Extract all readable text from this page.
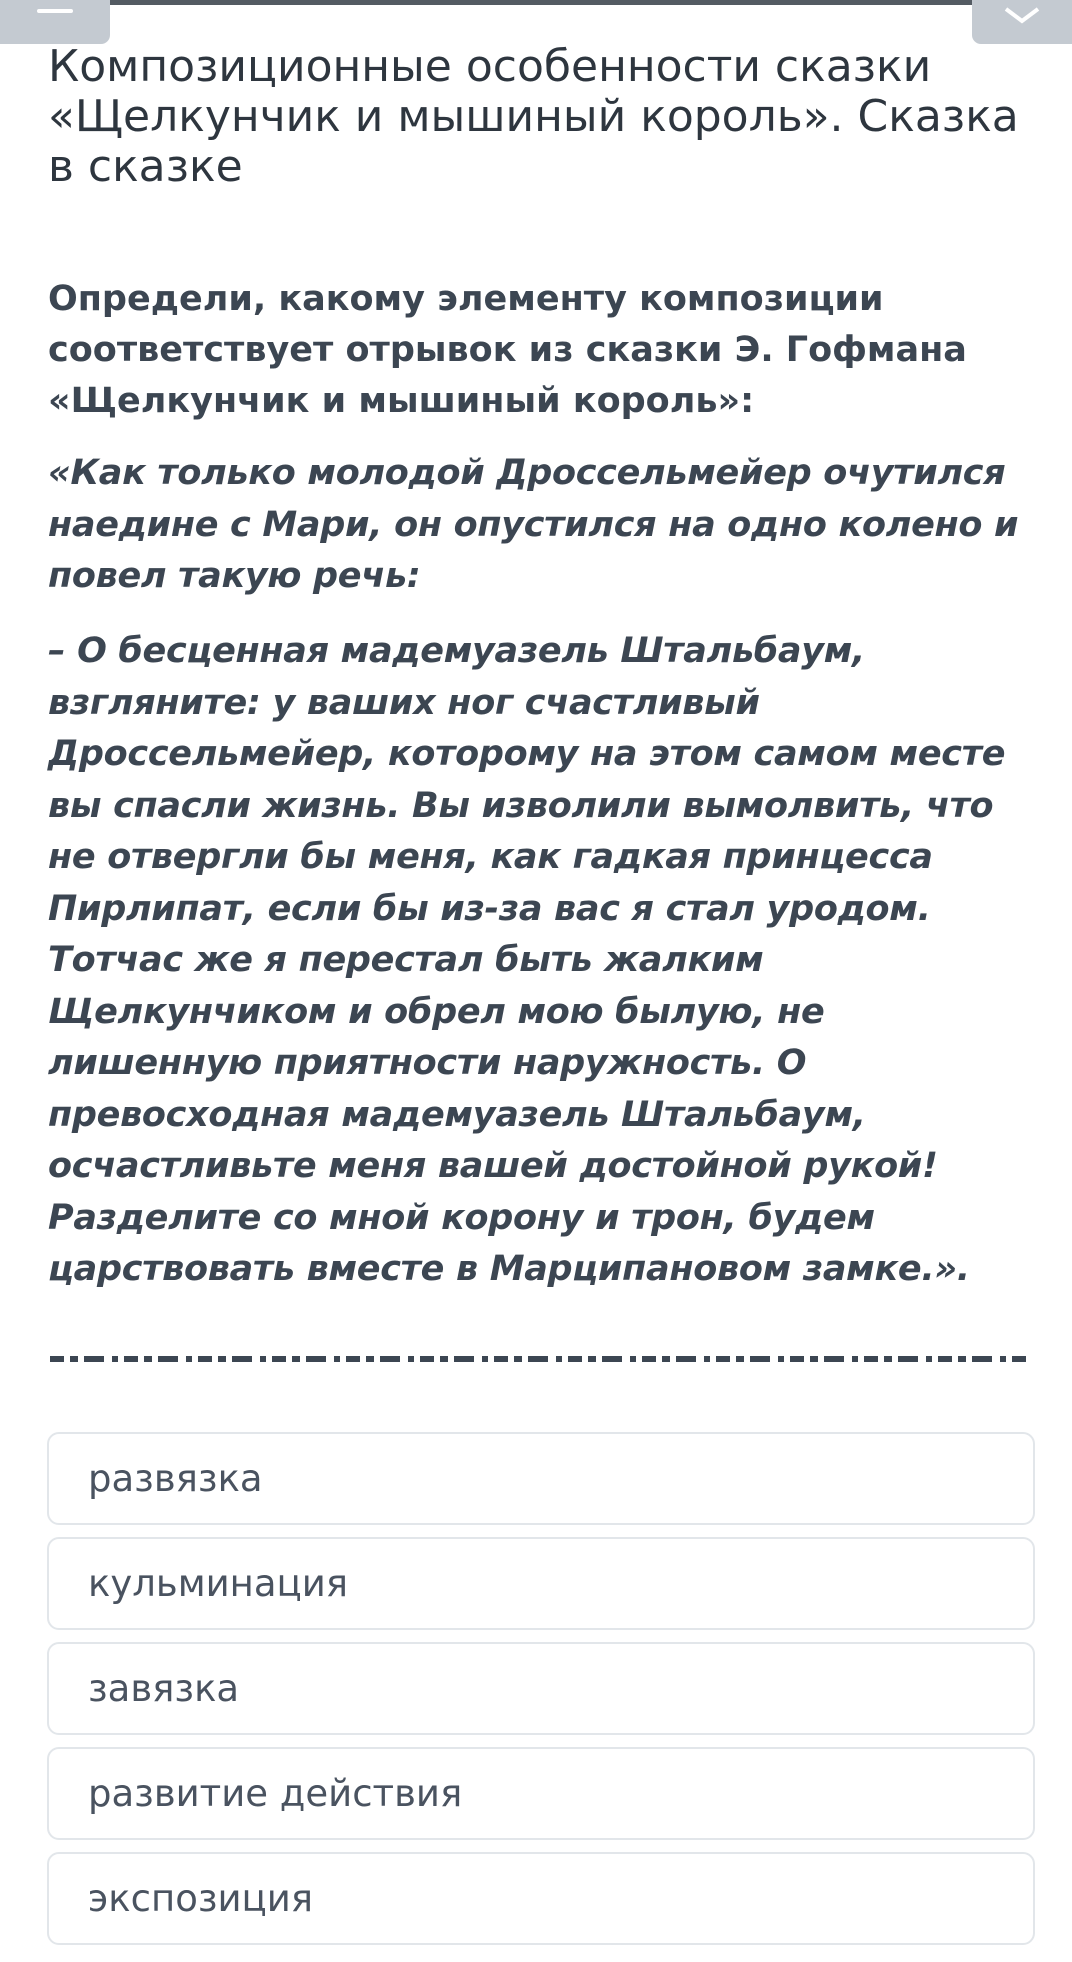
Композиционные особенности сказки «Щелкунчик и мышиный король». Сказка в сказке

Определи, какому элементу композиции соответствует отрывок из сказки Э. Гофмана «Щелкунчик и мышиный король»:

«Как только молодой Дроссельмейер очутился наедине с Мари, он опустился на одно колено и повел такую речь:

– О бесценная мадемуазель Штальбаум, взгляните: у ваших ног счастливый Дроссельмейер, которому на этом самом месте вы спасли жизнь. Вы изволили вымолвить, что не отвергли бы меня, как гадкая принцесса Пирлипат, если бы из-за вас я стал уродом. Тотчас же я перестал быть жалким Щелкунчиком и обрел мою былую, не лишенную приятности наружность. О превосходная мадемуазель Штальбаум, осчастливьте меня вашей достойной рукой! Разделите со мной корону и трон, будем царствовать вместе в Марципановом замке.».

развязка
кульминация
завязка
развитие действия
экспозиция
